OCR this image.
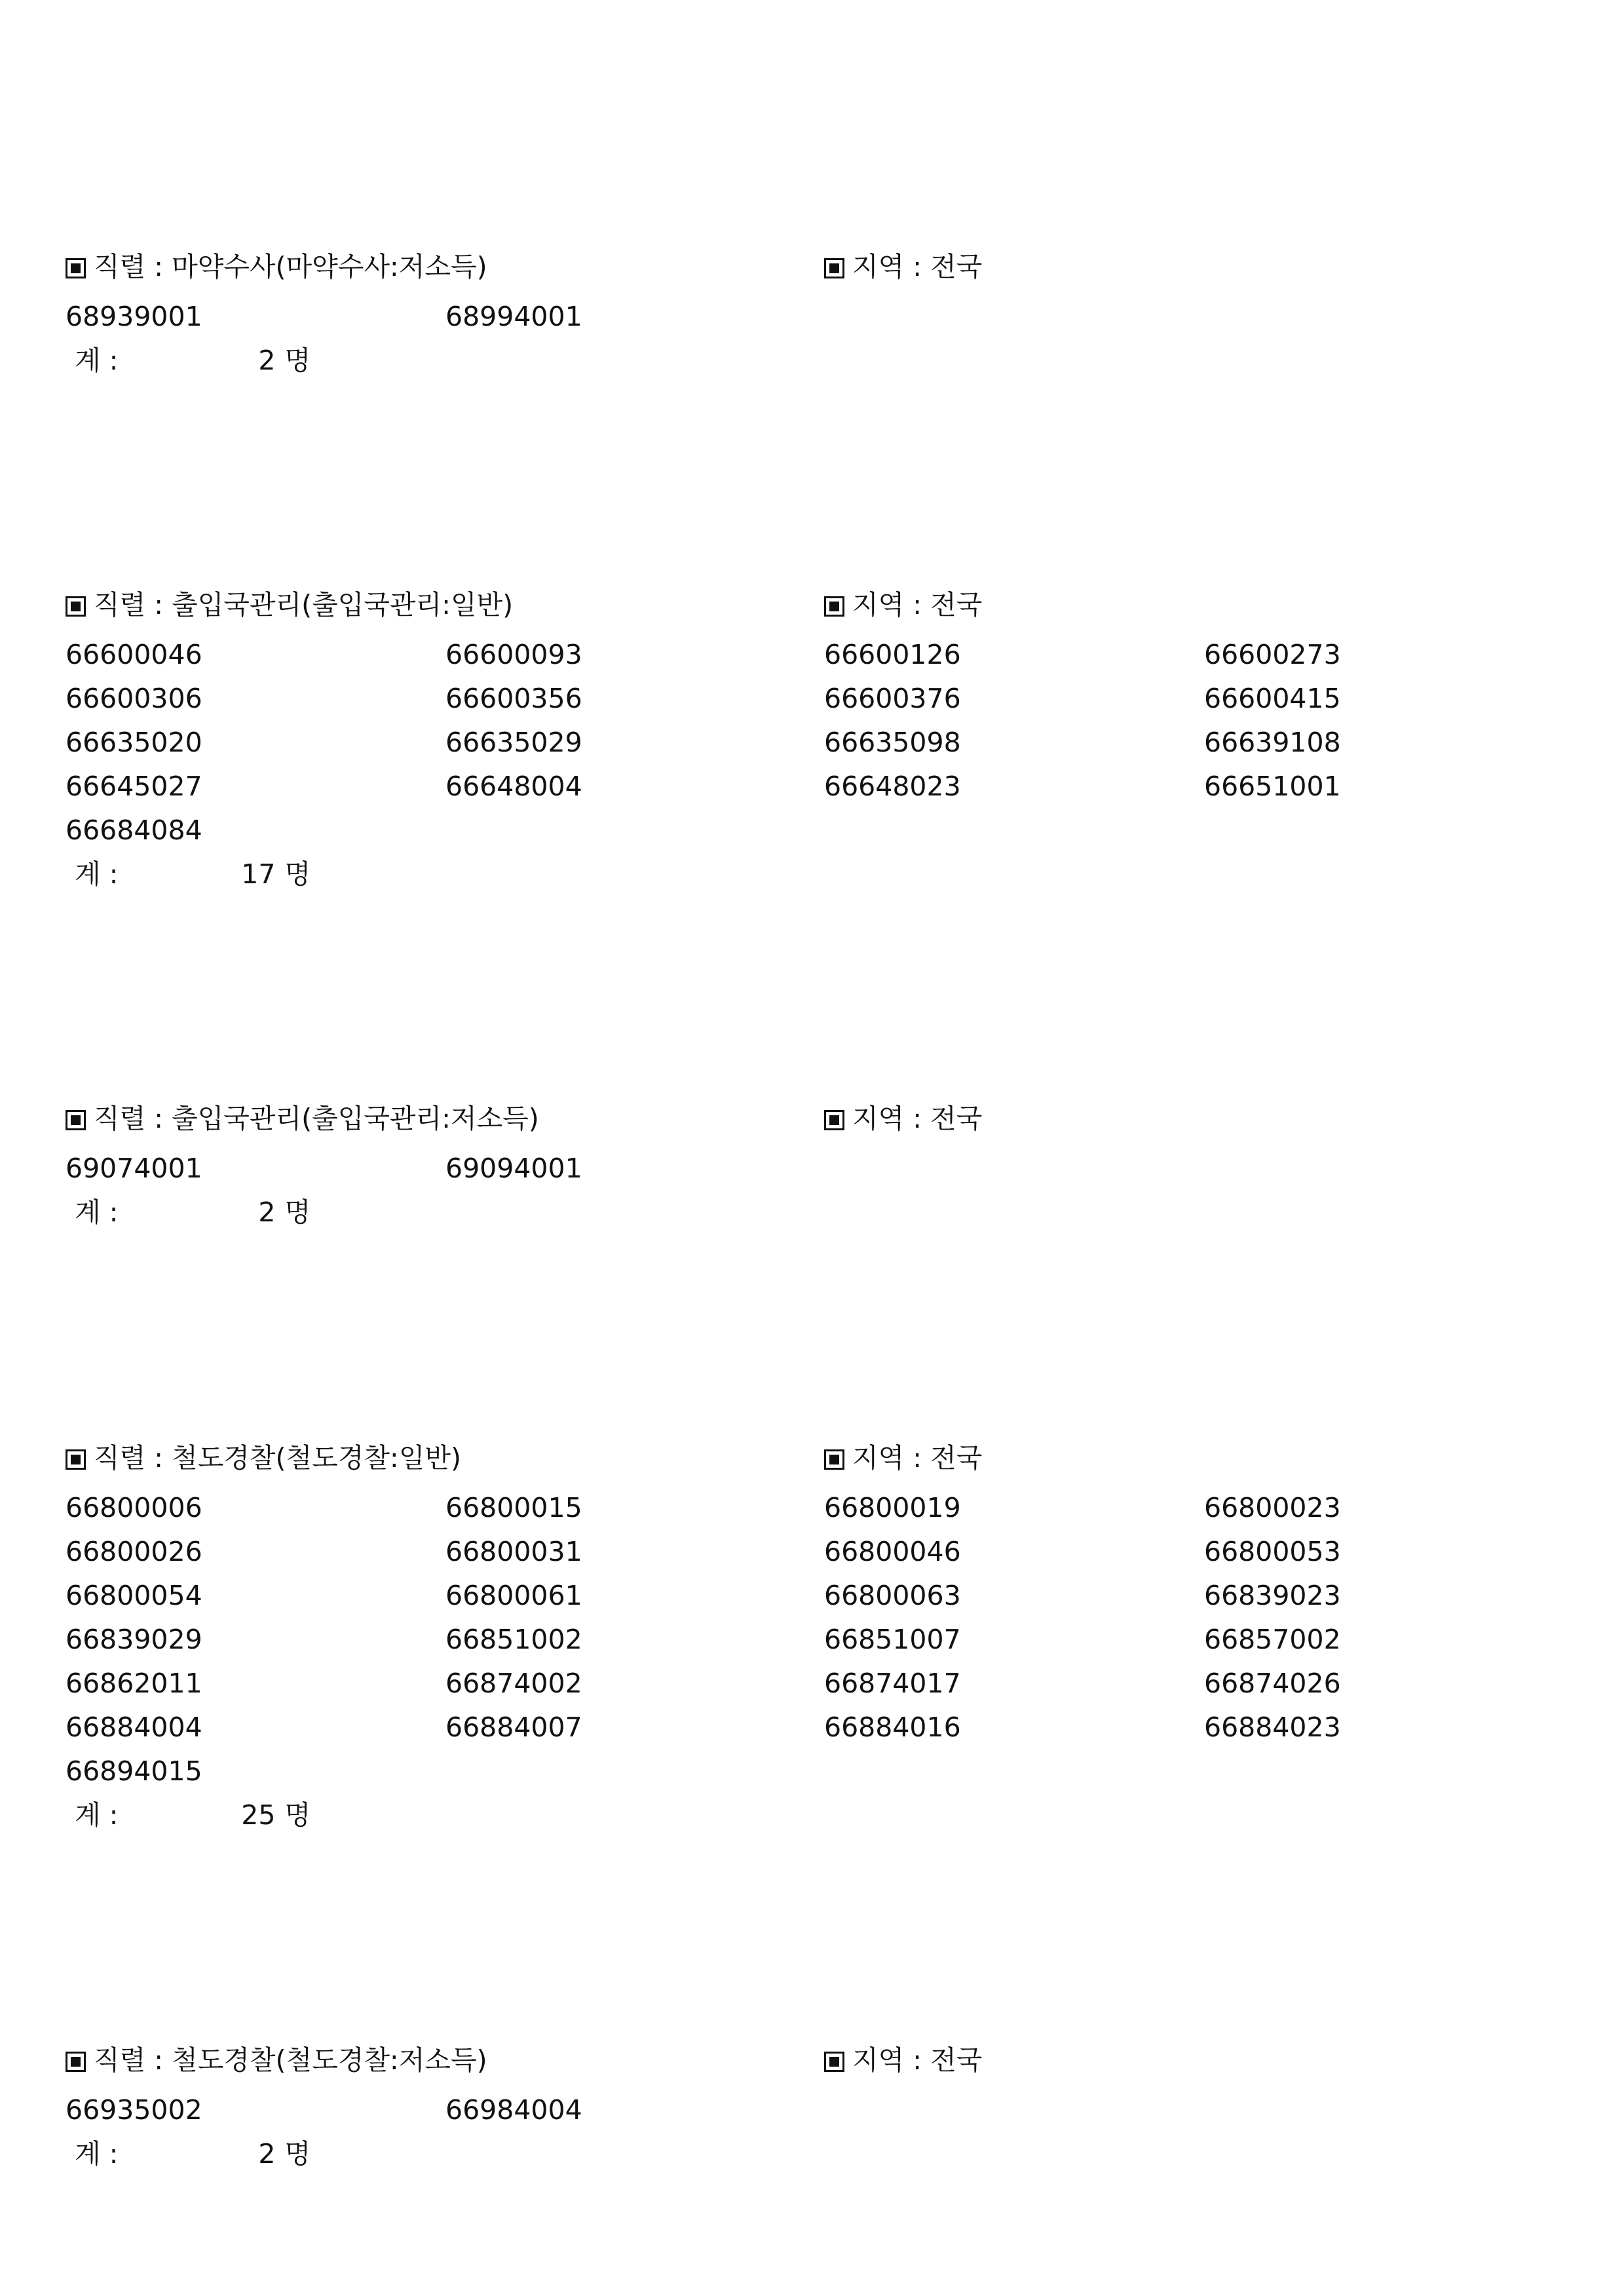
직렬 : 마약수사(마약수사:저소득)	지역 : 전국
68939001	68994001
계 :	2 명
직렬 : 출입국관리(출입국관리:일반)	지역 : 전국
66600046	66600093	66600126	66600273
66600306	66600356	66600376	66600415
66635020	66635029	66635098	66639108
66645027	66648004	66648023	66651001
66684084
계 :	17 명
직렬 : 출입국관리(출입국관리:저소득)	지역 : 전국
69074001	69094001
계 :	2 명
직렬 : 철도경찰(철도경찰:일반)	지역 : 전국
66800006	66800015	66800019	66800023
66800026	66800031	66800046	66800053
66800054	66800061	66800063	66839023
66839029	66851002	66851007	66857002
66862011	66874002	66874017	66874026
66884004	66884007	66884016	66884023
66894015
계 :	25 명
직렬 : 철도경찰(철도경찰:저소득)	지역 : 전국
66935002	66984004
계 :	2 명
